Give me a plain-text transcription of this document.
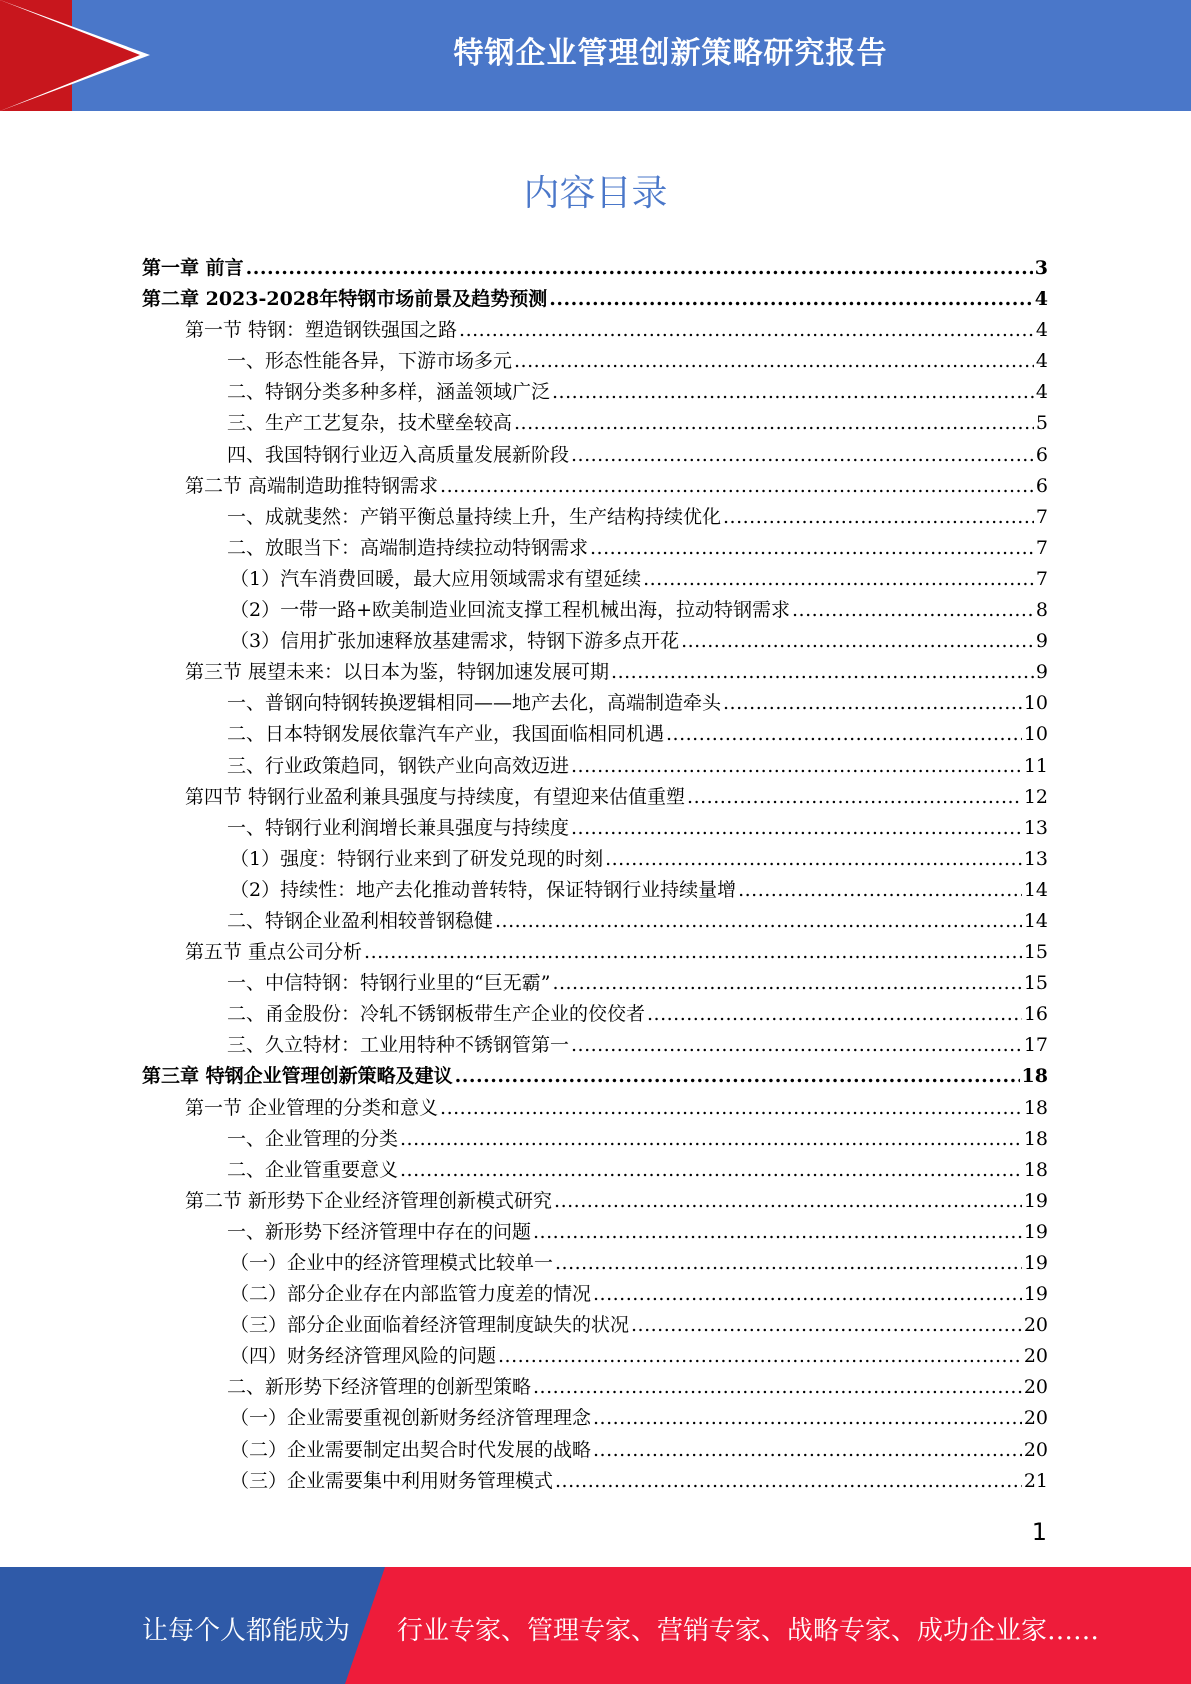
特钢企业管理创新策略研究报告
内容目录
第一章 前言 .....	3
第二章 2023-2028年特钢市场前景及趋势预测 .....	4
第一节 特钢：塑造钢铁强国之路 .....	4
一、形态性能各异，下游市场多元 .....	4
二、特钢分类多种多样，涵盖领域广泛 .....	4
三、生产工艺复杂，技术壁垒较高 .....	5
四、我国特钢行业迈入高质量发展新阶段 .....	6
第二节 高端制造助推特钢需求 .....	6
一、成就斐然：产销平衡总量持续上升，生产结构持续优化 .....	7
二、放眼当下：高端制造持续拉动特钢需求 .....	7
（1）汽车消费回暖，最大应用领域需求有望延续 .....	7
（2）一带一路+欧美制造业回流支撑工程机械出海，拉动特钢需求 .....	8
（3）信用扩张加速释放基建需求，特钢下游多点开花 .....	9
第三节 展望未来：以日本为鉴，特钢加速发展可期 .....	9
一、普钢向特钢转换逻辑相同——地产去化，高端制造牵头 .....	10
二、日本特钢发展依靠汽车产业，我国面临相同机遇 .....	10
三、行业政策趋同，钢铁产业向高效迈进 .....	11
第四节 特钢行业盈利兼具强度与持续度，有望迎来估值重塑 .....	12
一、特钢行业利润增长兼具强度与持续度 .....	13
（1）强度：特钢行业来到了研发兑现的时刻 .....	13
（2）持续性：地产去化推动普转特，保证特钢行业持续量增 .....	14
二、特钢企业盈利相较普钢稳健 .....	14
第五节 重点公司分析 .....	15
一、中信特钢：特钢行业里的“巨无霸” .....	15
二、甬金股份：冷轧不锈钢板带生产企业的佼佼者 .....	16
三、久立特材：工业用特种不锈钢管第一 .....	17
第三章 特钢企业管理创新策略及建议 .....	18
第一节 企业管理的分类和意义 .....	18
一、企业管理的分类 .....	18
二、企业管重要意义 .....	18
第二节 新形势下企业经济管理创新模式研究 .....	19
一、新形势下经济管理中存在的问题 .....	19
（一）企业中的经济管理模式比较单一 .....	19
（二）部分企业存在内部监管力度差的情况 .....	19
（三）部分企业面临着经济管理制度缺失的状况 .....	20
（四）财务经济管理风险的问题 .....	20
二、新形势下经济管理的创新型策略 .....	20
（一）企业需要重视创新财务经济管理理念 .....	20
（二）企业需要制定出契合时代发展的战略 .....	20
（三）企业需要集中利用财务管理模式 .....	21
1
让每个人都能成为 行业专家、管理专家、营销专家、战略专家、成功企业家……
